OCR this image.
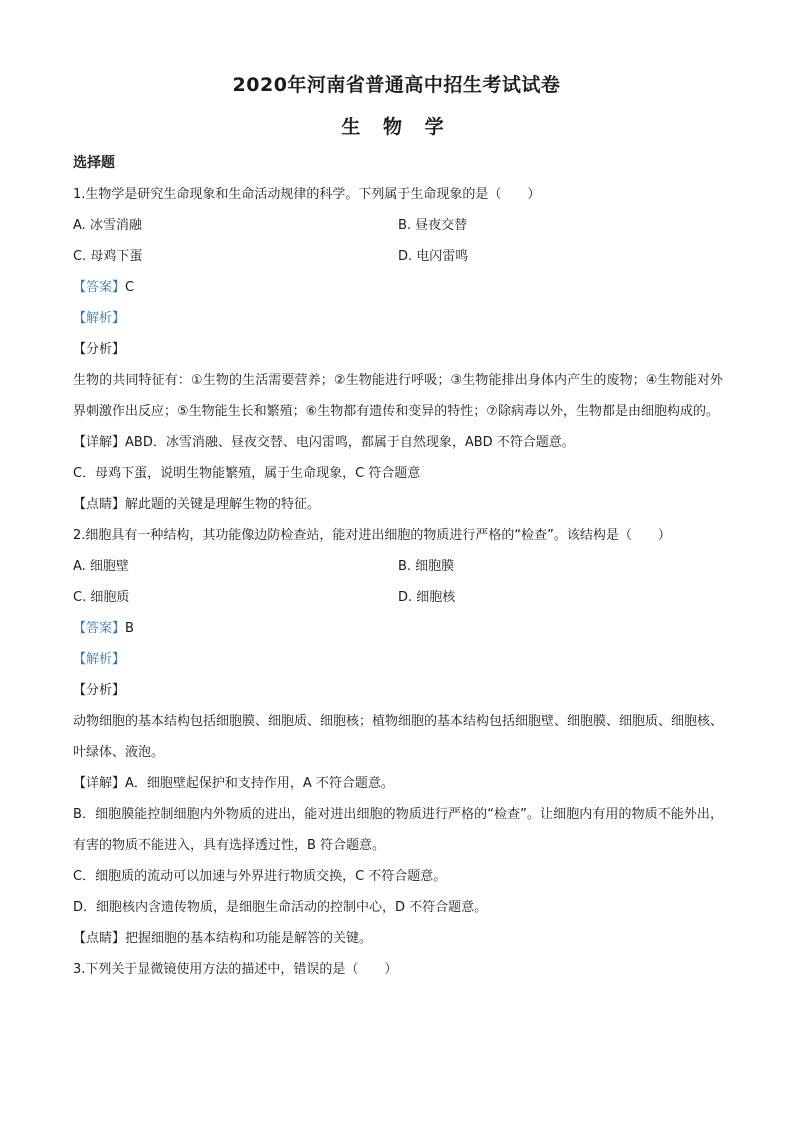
2020年河南省普通高中招生考试试卷
生 物 学
选择题
1.生物学是研究生命现象和生命活动规律的科学。下列属于生命现象的是（　　）
A. 冰雪消融	B. 昼夜交替
C. 母鸡下蛋	D. 电闪雷鸣
【答案】C
【解析】
【分析】
生物的共同特征有：①生物的生活需要营养；②生物能进行呼吸；③生物能排出身体内产生的废物；④生物能对外界刺激作出反应；⑤生物能生长和繁殖；⑥生物都有遗传和变异的特性；⑦除病毒以外，生物都是由细胞构成的。
【详解】ABD．冰雪消融、昼夜交替、电闪雷鸣，都属于自然现象，ABD 不符合题意。
C．母鸡下蛋，说明生物能繁殖，属于生命现象，C 符合题意
【点睛】解此题的关键是理解生物的特征。
2.细胞具有一种结构，其功能像边防检查站，能对进出细胞的物质进行严格的“检查”。该结构是（　　）
A. 细胞壁	B. 细胞膜
C. 细胞质	D. 细胞核
【答案】B
【解析】
【分析】
动物细胞的基本结构包括细胞膜、细胞质、细胞核；植物细胞的基本结构包括细胞壁、细胞膜、细胞质、细胞核、叶绿体、液泡。
【详解】A．细胞壁起保护和支持作用，A 不符合题意。
B．细胞膜能控制细胞内外物质的进出，能对进出细胞的物质进行严格的“检查”。让细胞内有用的物质不能外出，有害的物质不能进入，具有选择透过性，B 符合题意。
C．细胞质的流动可以加速与外界进行物质交换，C 不符合题意。
D．细胞核内含遗传物质，是细胞生命活动的控制中心，D 不符合题意。
【点睛】把握细胞的基本结构和功能是解答的关键。
3.下列关于显微镜使用方法的描述中，错误的是（　　）
